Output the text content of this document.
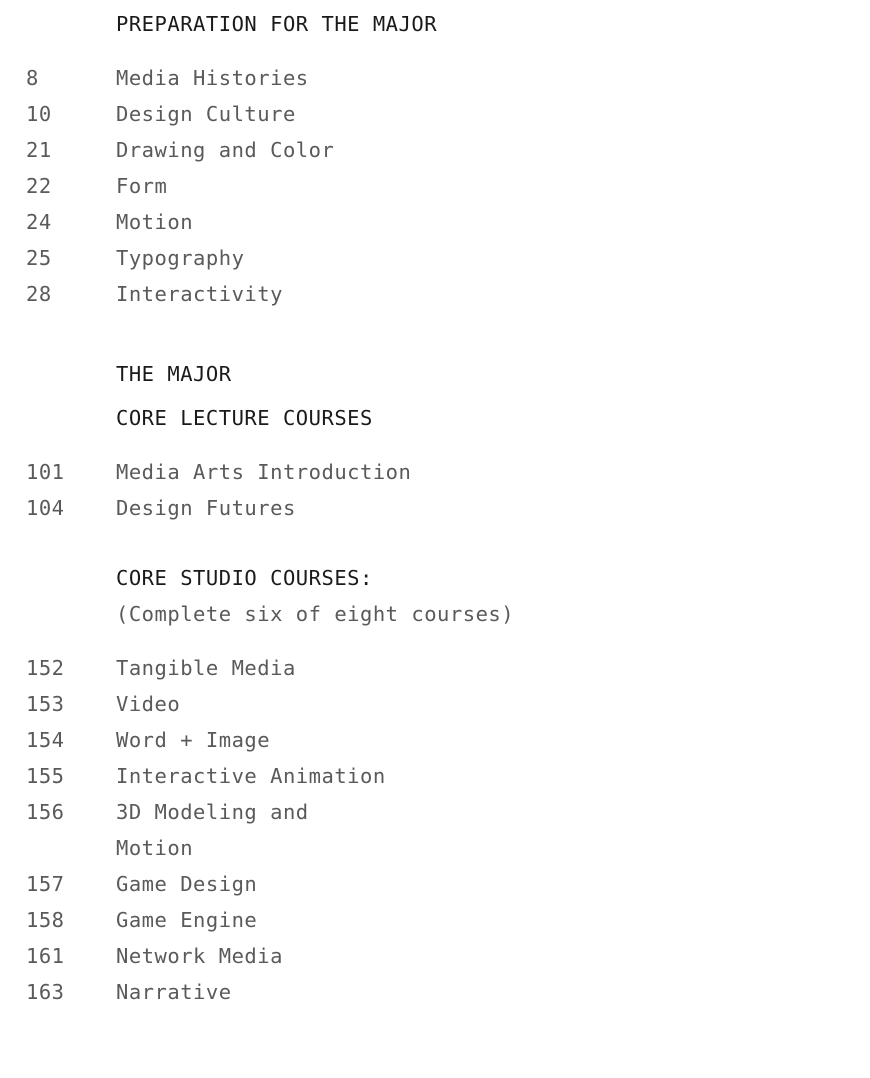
PREPARATION FOR THE MAJOR
8	Media Histories
10	Design Culture
21	Drawing and Color
22	Form
24	Motion
25	Typography
28	Interactivity
THE MAJOR
CORE LECTURE COURSES
101	Media Arts Introduction
104	Design Futures
CORE STUDIO COURSES:
(Complete six of eight courses)
152	Tangible Media
153	Video
154	Word + Image
155	Interactive Animation
156	3D Modeling and
Motion
157	Game Design
158	Game Engine
161	Network Media
163	Narrative
